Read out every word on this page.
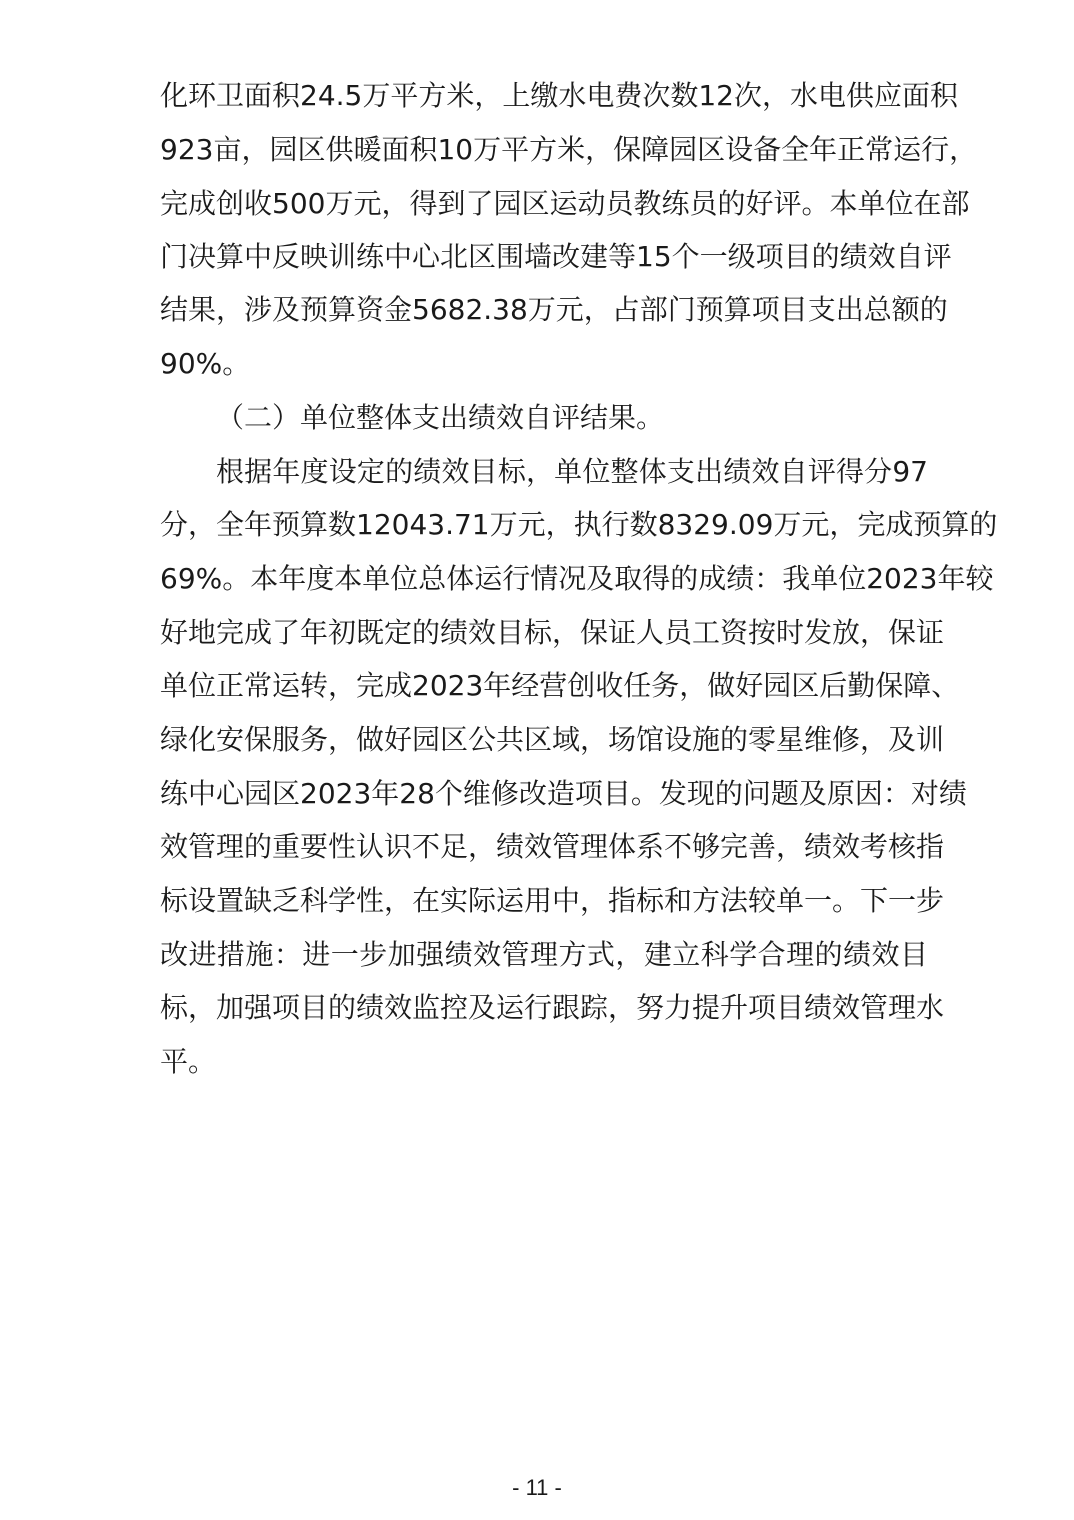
化环卫面积24.5万平方米，上缴水电费次数12次，水电供应面积
923亩，园区供暖面积10万平方米，保障园区设备全年正常运行，
完成创收500万元，得到了园区运动员教练员的好评。本单位在部
门决算中反映训练中心北区围墙改建等15个一级项目的绩效自评
结果，涉及预算资金5682.38万元，占部门预算项目支出总额的
90%。
（二）单位整体支出绩效自评结果。
根据年度设定的绩效目标，单位整体支出绩效自评得分97
分，全年预算数12043.71万元，执行数8329.09万元，完成预算的
69%。本年度本单位总体运行情况及取得的成绩：我单位2023年较
好地完成了年初既定的绩效目标，保证人员工资按时发放，保证
单位正常运转，完成2023年经营创收任务，做好园区后勤保障、
绿化安保服务，做好园区公共区域，场馆设施的零星维修，及训
练中心园区2023年28个维修改造项目。发现的问题及原因：对绩
效管理的重要性认识不足，绩效管理体系不够完善，绩效考核指
标设置缺乏科学性，在实际运用中，指标和方法较单一。下一步
改进措施：进一步加强绩效管理方式，建立科学合理的绩效目
标，加强项目的绩效监控及运行跟踪，努力提升项目绩效管理水
平。
- 11 -
